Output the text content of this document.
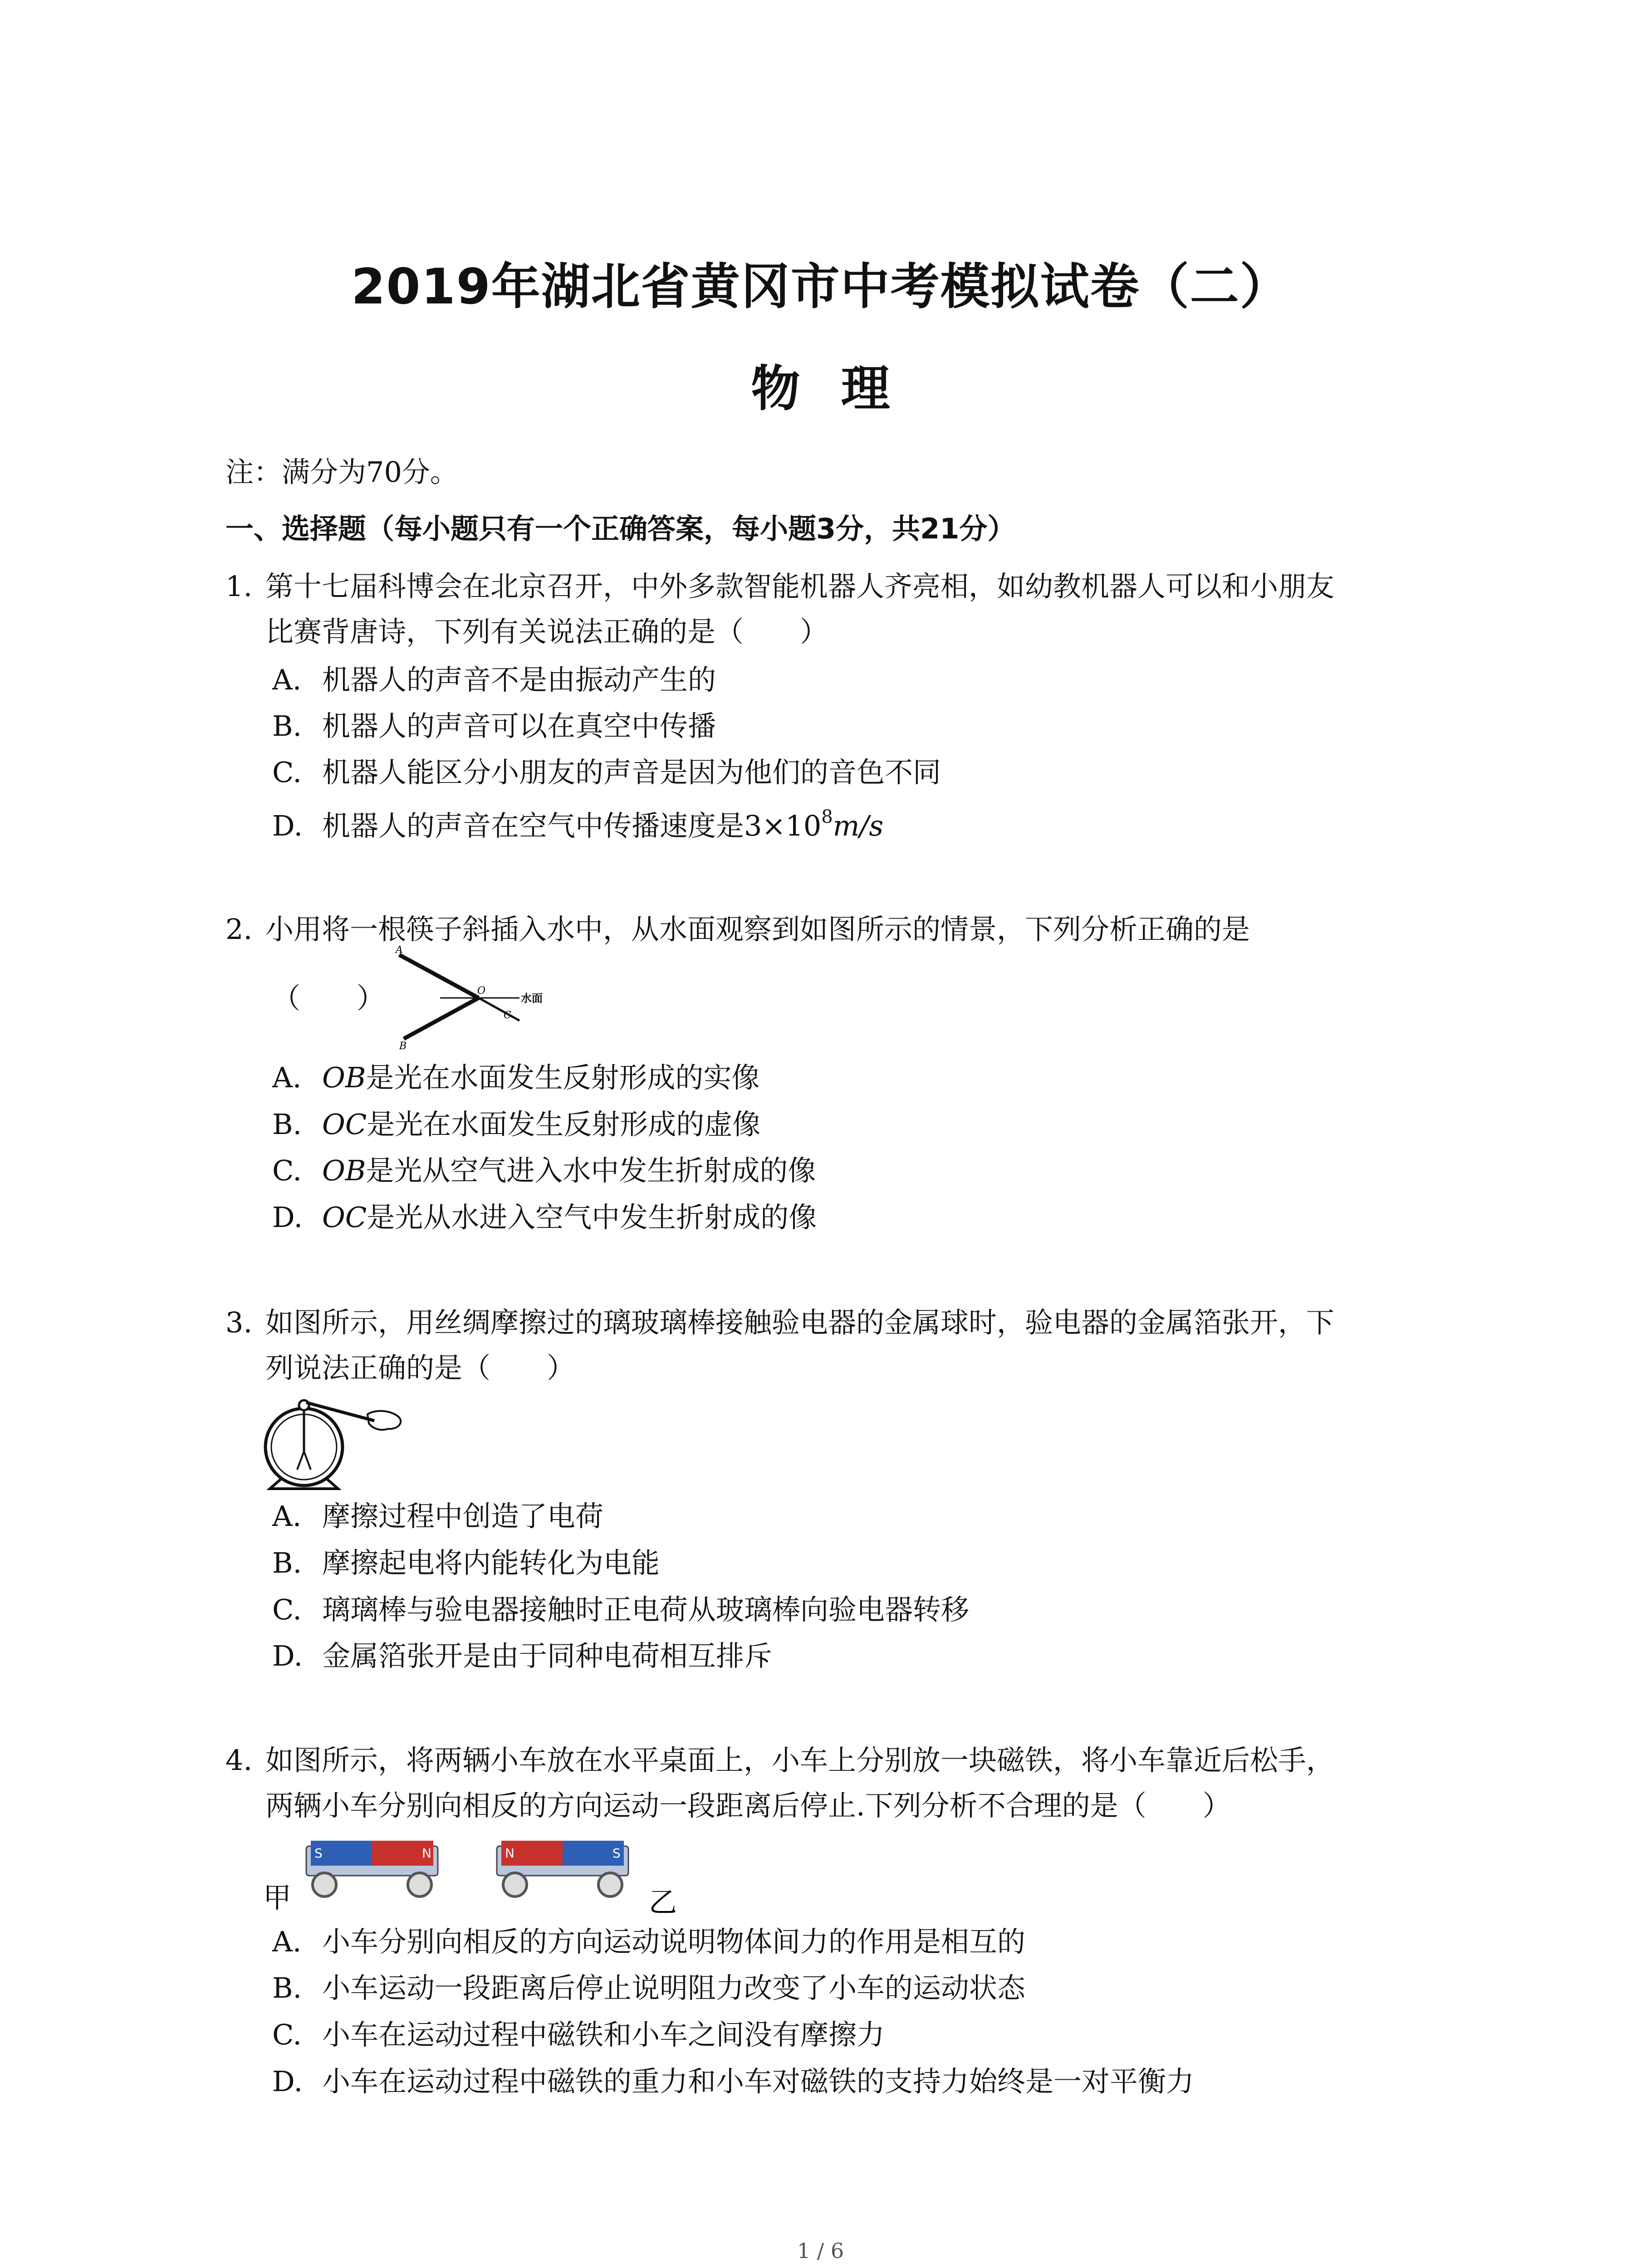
2019年湖北省黄冈市中考模拟试卷（二）
物理
注：满分为70分。
一、选择题（每小题只有一个正确答案，每小题3分，共21分）
1. 第十七届科博会在北京召开，中外多款智能机器人齐亮相，如幼教机器人可以和小朋友
比赛背唐诗，下列有关说法正确的是（　　）
A. 机器人的声音不是由振动产生的
B. 机器人的声音可以在真空中传播
C. 机器人能区分小朋友的声音是因为他们的音色不同
D. 机器人的声音在空气中传播速度是$3\times 10^8m/s$
2. 小用将一根筷子斜插入水中，从水面观察到如图所示的情景，下列分析正确的是
（　　）
A
O
B
C
水面
A. OB是光在水面发生反射形成的实像
B. OC是光在水面发生反射形成的虚像
C. OB是光从空气进入水中发生折射成的像
D. OC是光从水进入空气中发生折射成的像
3. 如图所示，用丝绸摩擦过的璃玻璃棒接触验电器的金属球时，验电器的金属箔张开，下
列说法正确的是（　　）
A. 摩擦过程中创造了电荷
B. 摩擦起电将内能转化为电能
C. 璃璃棒与验电器接触时正电荷从玻璃棒向验电器转移
D. 金属箔张开是由于同种电荷相互排斥
4. 如图所示，将两辆小车放在水平桌面上，小车上分别放一块磁铁，将小车靠近后松手，
两辆小车分别向相反的方向运动一段距离后停止.下列分析不合理的是（　　）
S	N	N	S
甲	乙
A. 小车分别向相反的方向运动说明物体间力的作用是相互的
B. 小车运动一段距离后停止说明阻力改变了小车的运动状态
C. 小车在运动过程中磁铁和小车之间没有摩擦力
D. 小车在运动过程中磁铁的重力和小车对磁铁的支持力始终是一对平衡力
1 / 6
